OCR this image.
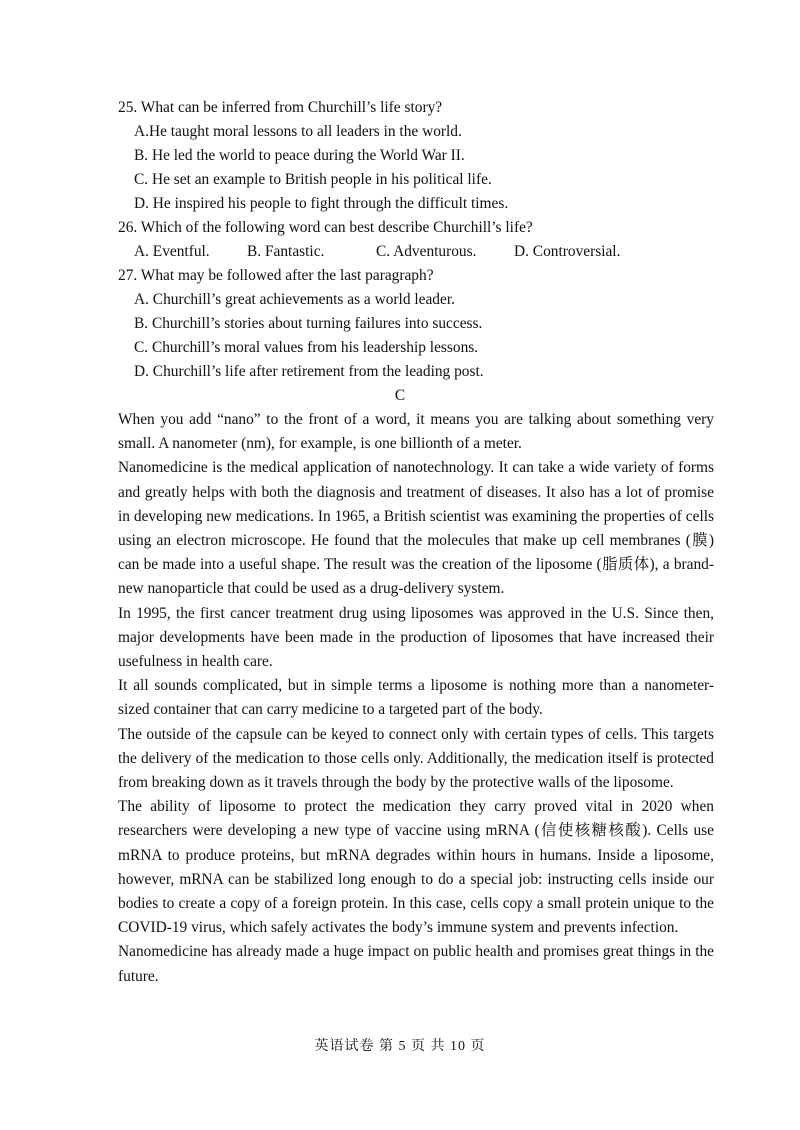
25. What can be inferred from Churchill’s life story?
A.He taught moral lessons to all leaders in the world.
B. He led the world to peace during the World War II.
C. He set an example to British people in his political life.
D. He inspired his people to fight through the difficult times.
26. Which of the following word can best describe Churchill’s life?
A. Eventful.	B. Fantastic.	C. Adventurous.	D. Controversial.
27. What may be followed after the last paragraph?
A. Churchill’s great achievements as a world leader.
B. Churchill’s stories about turning failures into success.
C. Churchill’s moral values from his leadership lessons.
D. Churchill’s life after retirement from the leading post.
C

When you add “nano” to the front of a word, it means you are talking about something very small. A nanometer (nm), for example, is one billionth of a meter.

Nanomedicine is the medical application of nanotechnology. It can take a wide variety of forms and greatly helps with both the diagnosis and treatment of diseases. It also has a lot of promise in developing new medications. In 1965, a British scientist was examining the properties of cells using an electron microscope. He found that the molecules that make up cell membranes (膜) can be made into a useful shape. The result was the creation of the liposome (脂质体), a brand-new nanoparticle that could be used as a drug-delivery system.

In 1995, the first cancer treatment drug using liposomes was approved in the U.S. Since then, major developments have been made in the production of liposomes that have increased their usefulness in health care.

It all sounds complicated, but in simple terms a liposome is nothing more than a nanometer-sized container that can carry medicine to a targeted part of the body.

The outside of the capsule can be keyed to connect only with certain types of cells. This targets the delivery of the medication to those cells only. Additionally, the medication itself is protected from breaking down as it travels through the body by the protective walls of the liposome.

The ability of liposome to protect the medication they carry proved vital in 2020 when researchers were developing a new type of vaccine using mRNA (信使核糖核酸). Cells use mRNA to produce proteins, but mRNA degrades within hours in humans. Inside a liposome, however, mRNA can be stabilized long enough to do a special job: instructing cells inside our bodies to create a copy of a foreign protein. In this case, cells copy a small protein unique to the COVID-19 virus, which safely activates the body’s immune system and prevents infection.

Nanomedicine has already made a huge impact on public health and promises great things in the future.

英语试卷 第 5 页 共 10 页
